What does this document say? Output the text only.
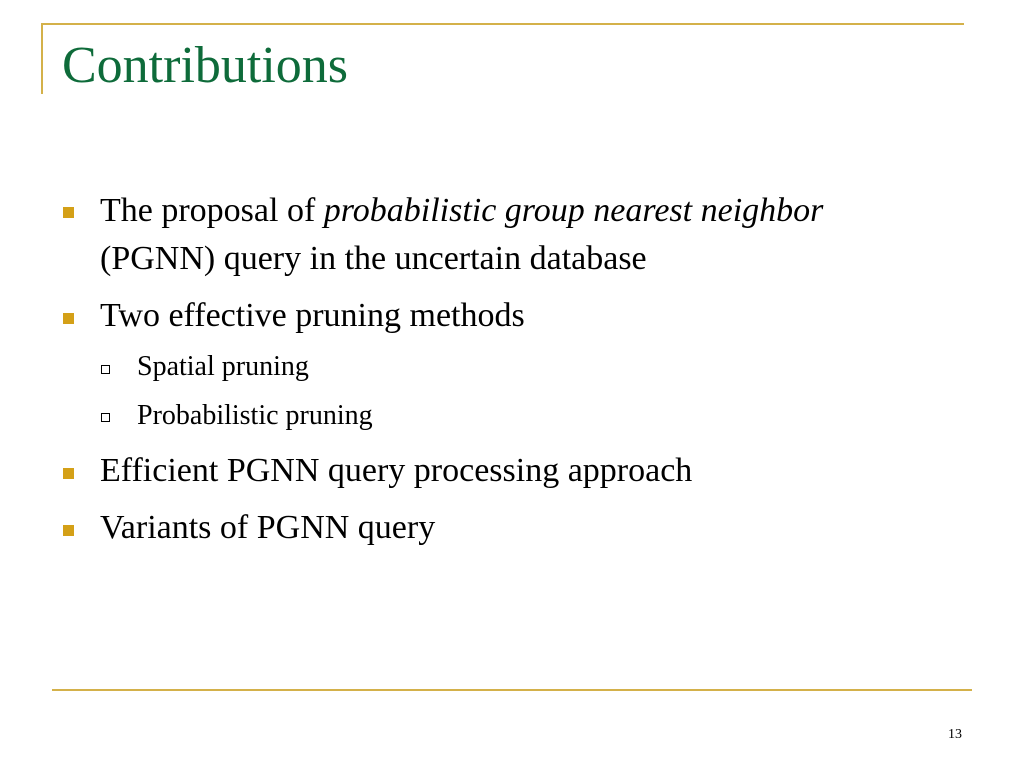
Contributions
The proposal of probabilistic group nearest neighbor
(PGNN) query in the uncertain database
Two effective pruning methods
Spatial pruning
Probabilistic pruning
Efficient PGNN query processing approach
Variants of PGNN query
13
